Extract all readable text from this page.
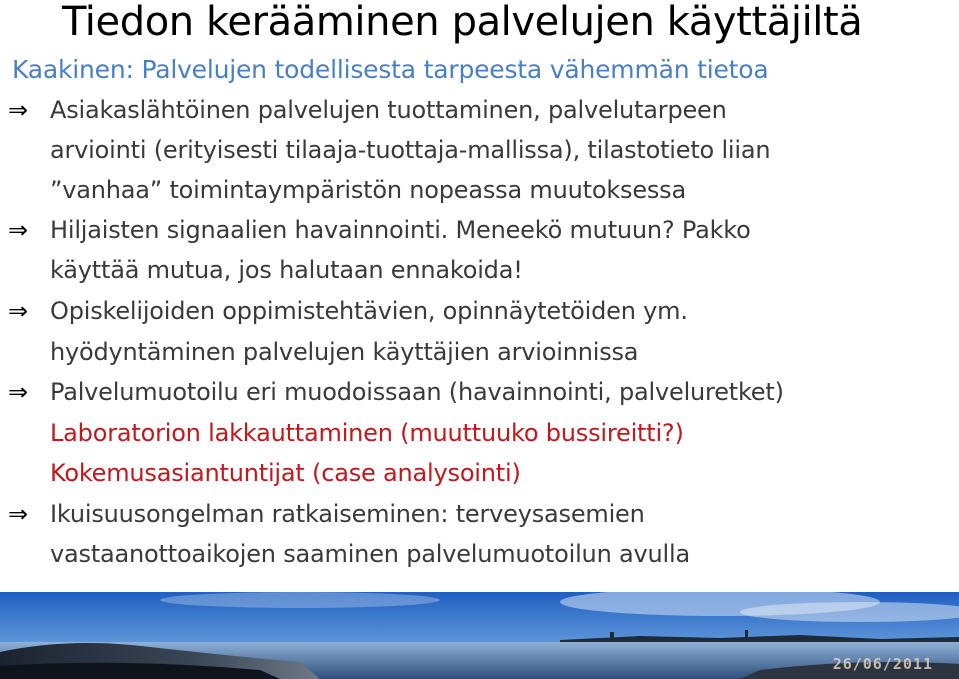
Tiedon kerääminen palvelujen käyttäjiltä
Kaakinen: Palvelujen todellisesta tarpeesta vähemmän tietoa
⇒ Asiakaslähtöinen palvelujen tuottaminen, palvelutarpeen
arviointi (erityisesti tilaaja-tuottaja-mallissa), tilastotieto liian
”vanhaa” toimintaympäristön nopeassa muutoksessa
⇒ Hiljaisten signaalien havainnointi. Meneekö mutuun? Pakko
käyttää mutua, jos halutaan ennakoida!
⇒ Opiskelijoiden oppimistehtävien, opinnäytetöiden ym.
hyödyntäminen palvelujen käyttäjien arvioinnissa
⇒ Palvelumuotoilu eri muodoissaan (havainnointi, palveluretket)
Laboratorion lakkauttaminen (muuttuuko bussireitti?)
Kokemusasiantuntijat (case analysointi)
⇒ Ikuisuusongelman ratkaiseminen: terveysasemien
vastaanottoaikojen saaminen palvelumuotoilun avulla
26/06/2011
